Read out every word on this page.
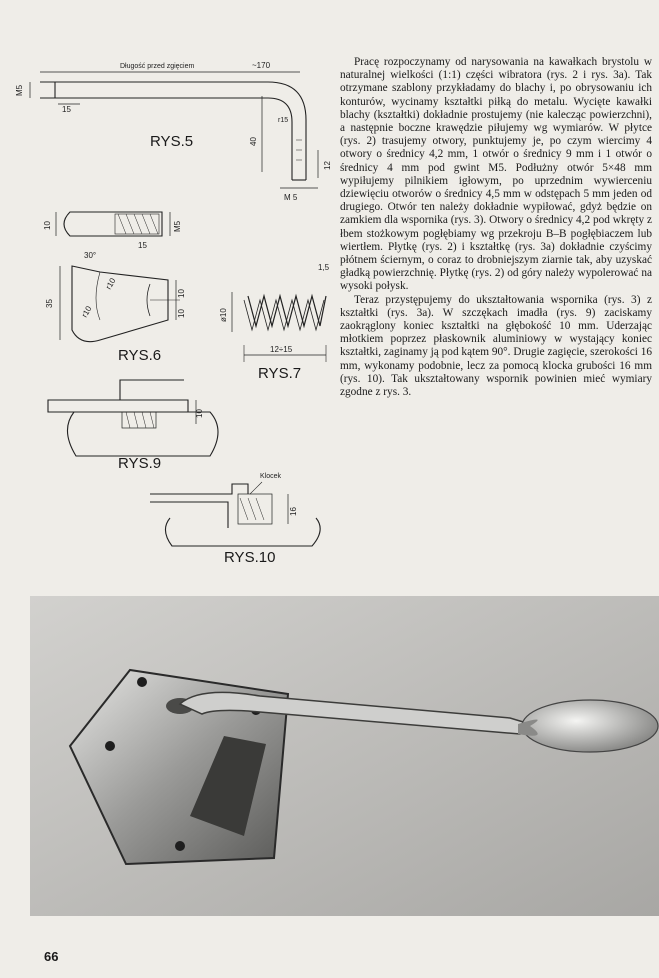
Długość przed zgięciem	~170
M5
15
r15
40
12
M 5
RYS.5
10
15
M5
30°
r10
35
r10
10
10
RYS.6
1,5
ø10
12÷15
RYS.7
10
RYS.9
Klocek
16
RYS.10

Pracę rozpoczynamy od narysowania na kawałkach brystolu w naturalnej wielkości (1:1) części wibratora (rys. 2 i rys. 3a). Tak otrzymane szablony przykładamy do blachy i, po obrysowaniu ich konturów, wycinamy kształtki piłką do metalu. Wycięte kawałki blachy (kształtki) dokładnie prostujemy (nie kalecząc powierzchni), a następnie boczne krawędzie piłujemy wg wymiarów. W płytce (rys. 2) trasujemy otwory, punktujemy je, po czym wiercimy 4 otwory o średnicy 4,2 mm, 1 otwór o średnicy 9 mm i 1 otwór o średnicy 4 mm pod gwint M5. Podłużny otwór 5×48 mm wypiłujemy pilnikiem igłowym, po uprzednim wywierceniu dziewięciu otworów o średnicy 4,5 mm w odstępach 5 mm jeden od drugiego. Otwór ten należy dokładnie wypiłować, gdyż będzie on zamkiem dla wspornika (rys. 3). Otwory o średnicy 4,2 pod wkręty z łbem stożkowym pogłębiamy wg przekroju B–B pogłębiaczem lub wiertłem. Płytkę (rys. 2) i kształtkę (rys. 3a) dokładnie czyścimy płótnem ściernym, o coraz to drobniejszym ziarnie tak, aby uzyskać gładką powierzchnię. Płytkę (rys. 2) od góry należy wypolerować na wysoki połysk.

Teraz przystępujemy do ukształtowania wspornika (rys. 3) z kształtki (rys. 3a). W szczękach imadła (rys. 9) zaciskamy zaokrąglony koniec kształtki na głębokość 10 mm. Uderzając młotkiem poprzez płaskownik aluminiowy w wystający koniec kształtki, zaginamy ją pod kątem 90°. Drugie zagięcie, szerokości 16 mm, wykonamy podobnie, lecz za pomocą klocka grubości 16 mm (rys. 10). Tak ukształtowany wspornik powinien mieć wymiary zgodne z rys. 3.

66
